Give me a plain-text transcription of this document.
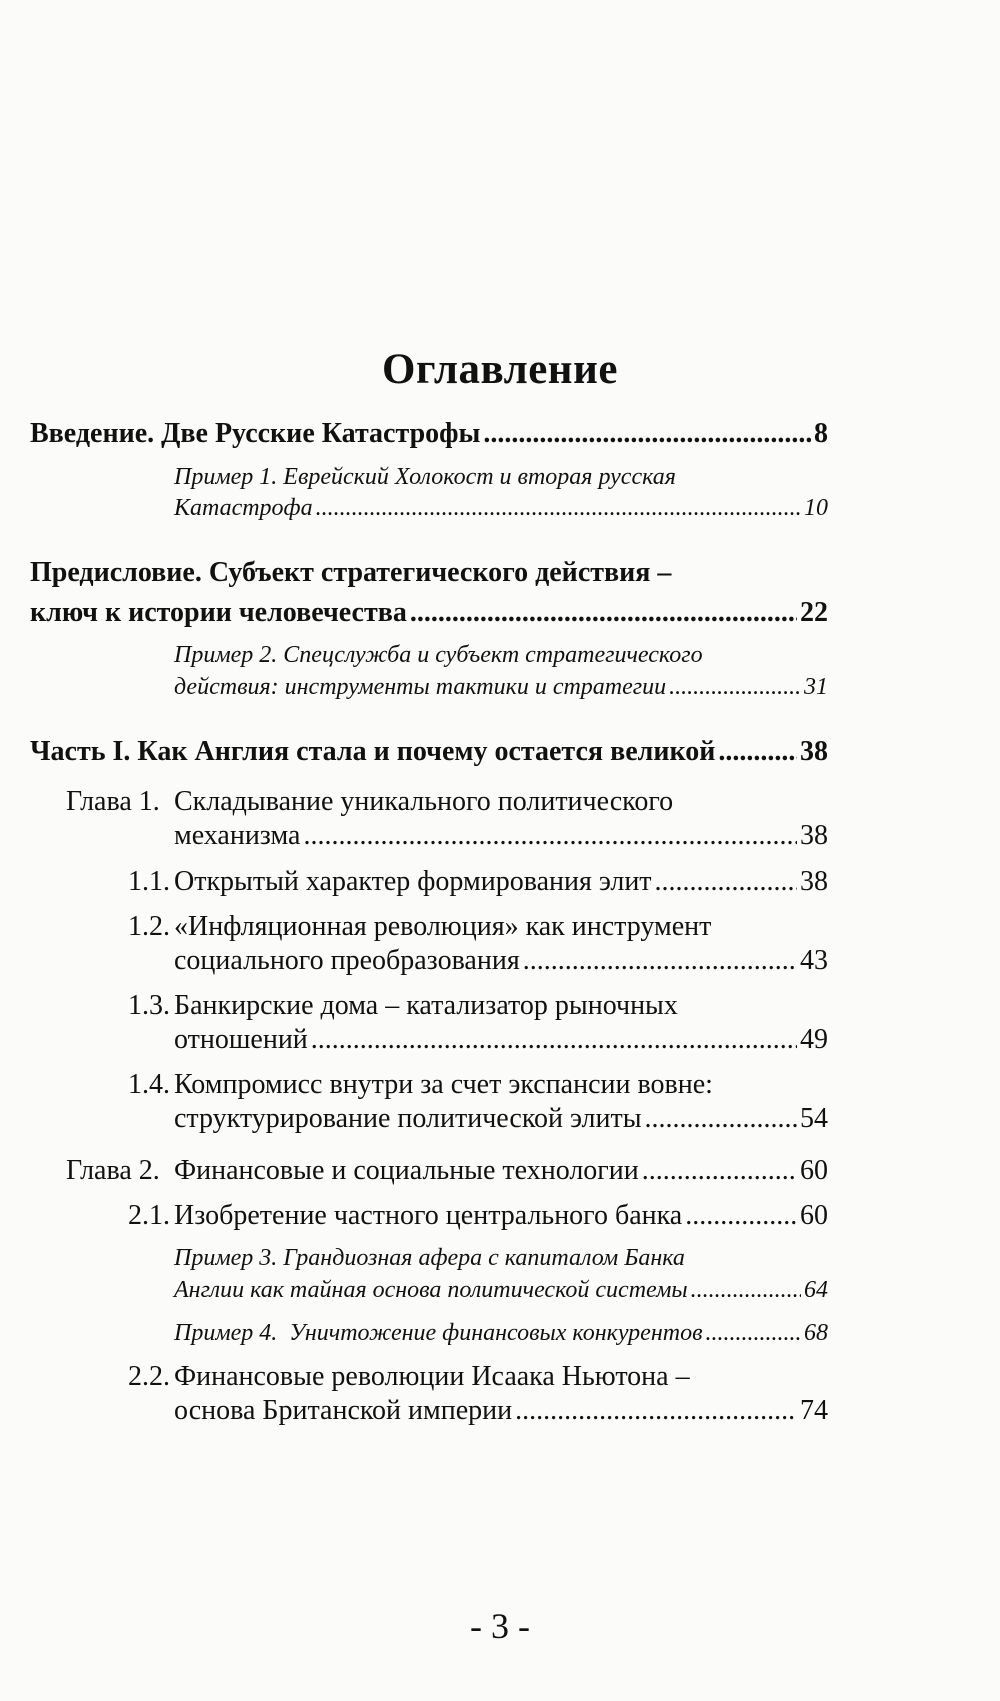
Оглавление
Введение. Две Русские Катастрофы .....	8
Пример 1. Еврейский Холокост и вторая русская
Катастрофа .....	10
Предисловие. Субъект стратегического действия –
ключ к истории человечества .....	22
Пример 2. Спецслужба и субъект стратегического
действия: инструменты тактики и стратегии .....	31
Часть I. Как Англия стала и почему остается великой .....	38
Глава 1. Складывание уникального политического
механизма .....	38
1.1. Открытый характер формирования элит .....	38
1.2. «Инфляционная революция» как инструмент
социального преобразования .....	43
1.3. Банкирские дома – катализатор рыночных
отношений .....	49
1.4. Компромисс внутри за счет экспансии вовне:
структурирование политической элиты .....	54
Глава 2. Финансовые и социальные технологии .....	60
2.1. Изобретение частного центрального банка .....	60
Пример 3. Грандиозная афера с капиталом Банка
Англии как тайная основа политической системы .....	64
Пример 4.  Уничтожение финансовых конкурентов .....	68
2.2. Финансовые революции Исаака Ньютона –
основа Британской империи .....	74
- 3 -
